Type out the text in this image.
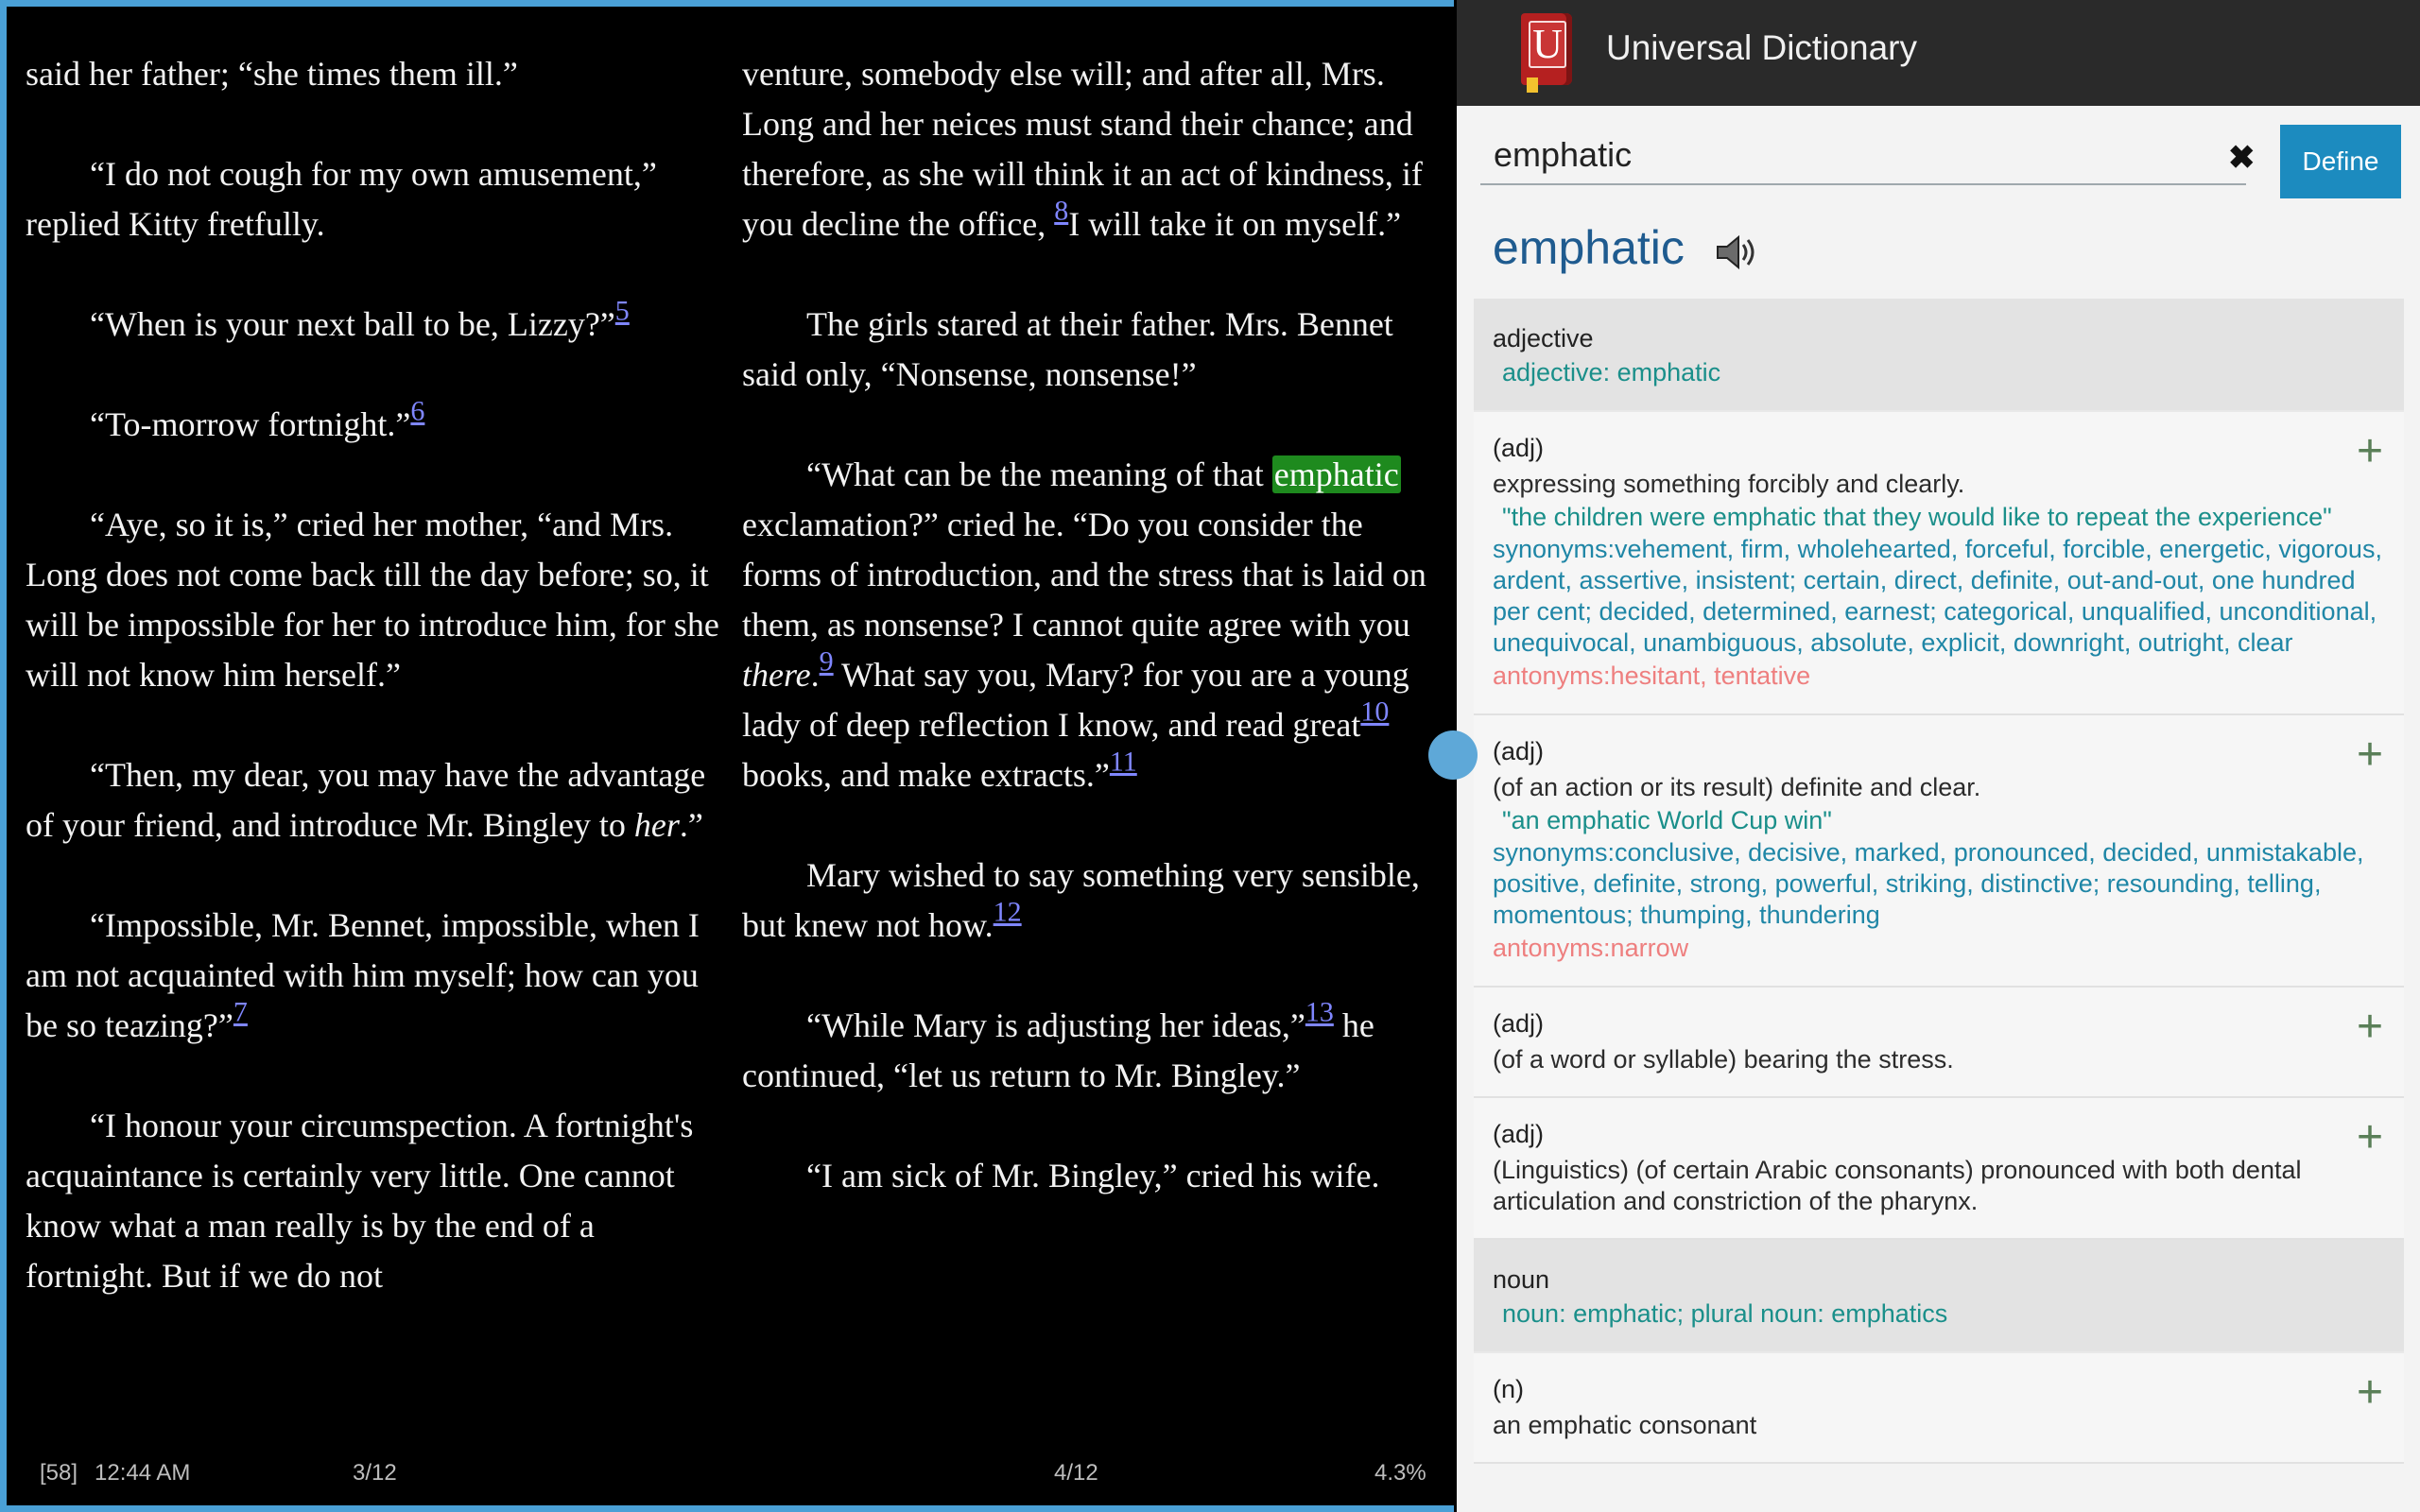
said her father; “she times them ill.”
“I do not cough for my own amusement,” replied Kitty fretfully.
“When is your next ball to be, Lizzy?”$^5$
“To-morrow fortnight.”$^6$
“Aye, so it is,” cried her mother, “and Mrs. Long does not come back till the day before; so, it will be impossible for her to introduce him, for she will not know him herself.”
“Then, my dear, you may have the advantage of your friend, and introduce Mr. Bingley to her.”
“Impossible, Mr. Bennet, impossible, when I am not acquainted with him myself; how can you be so teazing?”$^7$
“I honour your circumspection. A fortnight's acquaintance is certainly very little. One cannot know what a man really is by the end of a fortnight. But if we do not
venture, somebody else will; and after all, Mrs. Long and her neices must stand their chance; and therefore, as she will think it an act of kindness, if you decline the office, $^8$I will take it on myself.”
The girls stared at their father. Mrs. Bennet said only, “Nonsense, nonsense!”
“What can be the meaning of that emphatic exclamation?” cried he. “Do you consider the forms of introduction, and the stress that is laid on them, as nonsense? I cannot quite agree with you there.$^9$ What say you, Mary? for you are a young lady of deep reflection I know, and read great$^{10}$ books, and make extracts.”$^{11}$
Mary wished to say something very sensible, but knew not how.$^{12}$
“While Mary is adjusting her ideas,”$^{13}$ he continued, “let us return to Mr. Bingley.”
“I am sick of Mr. Bingley,” cried his wife.
[58] 12:44 AM	3/12	4/12	4.3%
U Universal Dictionary
emphatic
✖	Define
emphatic
adjective
adjective: emphatic
(adj)
expressing something forcibly and clearly.
"the children were emphatic that they would like to repeat the experience"
synonyms:vehement, firm, wholehearted, forceful, forcible, energetic, vigorous, ardent, assertive, insistent; certain, direct, definite, out-and-out, one hundred per cent; decided, determined, earnest; categorical, unqualified, unconditional, unequivocal, unambiguous, absolute, explicit, downright, outright, clear
antonyms:hesitant, tentative
+
(adj)
(of an action or its result) definite and clear.
"an emphatic World Cup win"
synonyms:conclusive, decisive, marked, pronounced, decided, unmistakable, positive, definite, strong, powerful, striking, distinctive; resounding, telling, momentous; thumping, thundering
antonyms:narrow
+
(adj)
(of a word or syllable) bearing the stress.
+
(adj)
(Linguistics) (of certain Arabic consonants) pronounced with both dental articulation and constriction of the pharynx.
+
noun
noun: emphatic; plural noun: emphatics
(n)
an emphatic consonant
+
